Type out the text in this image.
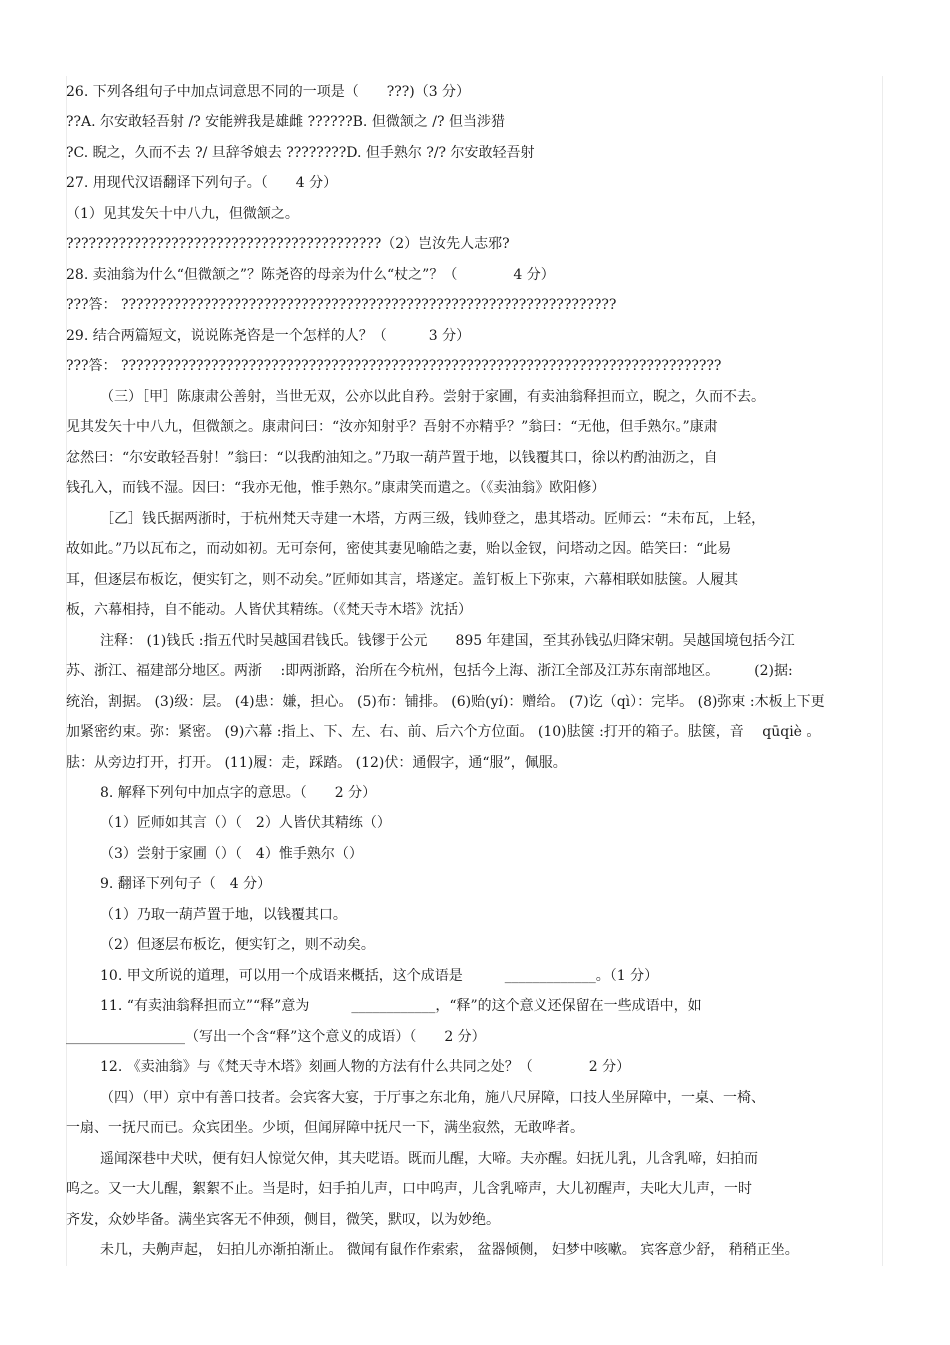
26. 下列各组句子中加点词意思不同的一项是（　　???)（3 分）
??A. 尔安敢轻吾射 /? 安能辨我是雄雌 ??????B. 但微颔之 /? 但当涉猎
?C. 睨之，久而不去 ?/ 旦辞爷娘去 ????????D. 但手熟尔 ?/? 尔安敢轻吾射
27. 用现代汉语翻译下列句子。（　　4 分）
（1）见其发矢十中八九，但微颔之。
??????????????????????????????????????????（2）岂汝先人志邪?
28. 卖油翁为什么“但微颔之”？陈尧咨的母亲为什么“杖之”？（　　　　4 分）
???答： ??????????????????????????????????????????????????????????????????
29. 结合两篇短文，说说陈尧咨是一个怎样的人？（　　　3 分）
???答： ????????????????????????????????????????????????????????????????????????????????
（三）［甲］陈康肃公善射，当世无双，公亦以此自矜。尝射于家圃，有卖油翁释担而立，睨之，久而不去。
见其发矢十中八九，但微颔之。康肃问曰：“汝亦知射乎？吾射不亦精乎？”翁曰：“无他，但手熟尔。”康肃
忿然曰：“尔安敢轻吾射！”翁曰：“以我酌油知之。”乃取一葫芦置于地，以钱覆其口，徐以杓酌油沥之，自
钱孔入，而钱不湿。因曰：“我亦无他，惟手熟尔。”康肃笑而遣之。（《卖油翁》欧阳修）
［乙］钱氏据两浙时，于杭州梵天寺建一木塔，方两三级，钱帅登之，患其塔动。匠师云：“未布瓦，上轻，
故如此。”乃以瓦布之，而动如初。无可奈何，密使其妻见喻皓之妻，贻以金钗，问塔动之因。皓笑曰：“此易
耳，但逐层布板讫，便实钉之，则不动矣。”匠师如其言，塔遂定。盖钉板上下弥束，六幕相联如胠箧。人履其
板，六幕相持，自不能动。人皆伏其精练。（《梵天寺木塔》沈括）
注释： (1)钱氏 :指五代时吴越国君钱氏。钱镠于公元　　895 年建国，至其孙钱弘归降宋朝。吴越国境包括今江
苏、浙江、福建部分地区。两浙　 :即两浙路，治所在今杭州，包括今上海、浙江全部及江苏东南部地区。　　　(2)据:
统治，割据。 (3)级：层。 (4)患：嫌，担心。 (5)布：铺排。 (6)贻(yí)：赠给。 (7)讫（qì）：完毕。 (8)弥束 :木板上下更
加紧密约束。弥：紧密。 (9)六幕 :指上、下、左、右、前、后六个方位面。 (10)胠箧 :打开的箱子。胠箧，音　 qūqiè 。
胠：从旁边打开，打开。 (11)履：走，踩踏。 (12)伏：通假字，通“服”，佩服。
8. 解释下列句中加点字的意思。（　　2 分）
（1）匠师如其言（）（　2）人皆伏其精练（）
（3）尝射于家圃（）（　4）惟手熟尔（）
9. 翻译下列句子（　4 分）
（1）乃取一葫芦置于地，以钱覆其口。
（2）但逐层布板讫，便实钉之，则不动矣。
10. 甲文所说的道理，可以用一个成语来概括，这个成语是　　　_____________。（1 分）
11. “有卖油翁释担而立”“释”意为　　　____________，“释”的这个意义还保留在一些成语中，如
_________________（写出一个含“释”这个意义的成语）（　　2 分）
12. 《卖油翁》与《梵天寺木塔》刻画人物的方法有什么共同之处？（　　　　2 分）
（四）（甲）京中有善口技者。会宾客大宴，于厅事之东北角，施八尺屏障，口技人坐屏障中，一桌、一椅、
一扇、一抚尺而已。众宾团坐。少顷，但闻屏障中抚尺一下，满坐寂然，无敢哗者。
遥闻深巷中犬吠，便有妇人惊觉欠伸，其夫呓语。既而儿醒，大啼。夫亦醒。妇抚儿乳，儿含乳啼，妇拍而
呜之。又一大儿醒，絮絮不止。当是时，妇手拍儿声，口中呜声，儿含乳啼声，大儿初醒声，夫叱大儿声，一时
齐发，众妙毕备。满坐宾客无不伸颈，侧目，微笑，默叹，以为妙绝。
未几，夫齁声起， 妇拍儿亦渐拍渐止。 微闻有鼠作作索索， 盆器倾侧， 妇梦中咳嗽。 宾客意少舒， 稍稍正坐。
